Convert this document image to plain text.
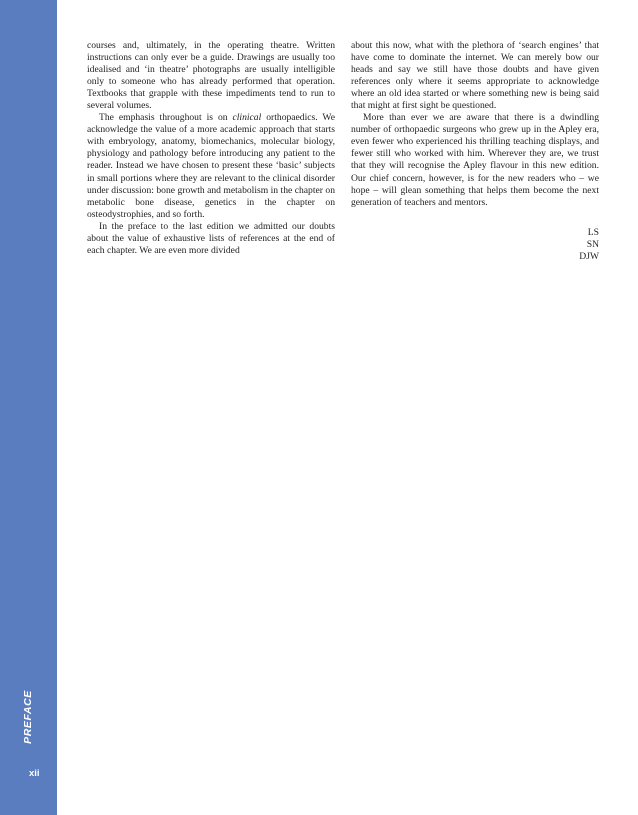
PREFACE
xii

courses and, ultimately, in the operating theatre. Written instructions can only ever be a guide. Drawings are usually too idealised and ‘in theatre’ photographs are usually intelligible only to someone who has already performed that operation. Textbooks that grapple with these impediments tend to run to several volumes.

The emphasis throughout is on clinical orthopaedics. We acknowledge the value of a more academic approach that starts with embryology, anatomy, biomechanics, molecular biology, physiology and pathology before introducing any patient to the reader. Instead we have chosen to present these ‘basic’ subjects in small portions where they are relevant to the clinical disorder under discussion: bone growth and metabolism in the chapter on metabolic bone disease, genetics in the chapter on osteodystrophies, and so forth.

In the preface to the last edition we admitted our doubts about the value of exhaustive lists of references at the end of each chapter. We are even more divided

about this now, what with the plethora of ‘search engines’ that have come to dominate the internet. We can merely bow our heads and say we still have those doubts and have given references only where it seems appropriate to acknowledge where an old idea started or where something new is being said that might at first sight be questioned.

More than ever we are aware that there is a dwindling number of orthopaedic surgeons who grew up in the Apley era, even fewer who experienced his thrilling teaching displays, and fewer still who worked with him. Wherever they are, we trust that they will recognise the Apley flavour in this new edition. Our chief concern, however, is for the new readers who – we hope – will glean something that helps them become the next generation of teachers and mentors.

LS
SN
DJW
